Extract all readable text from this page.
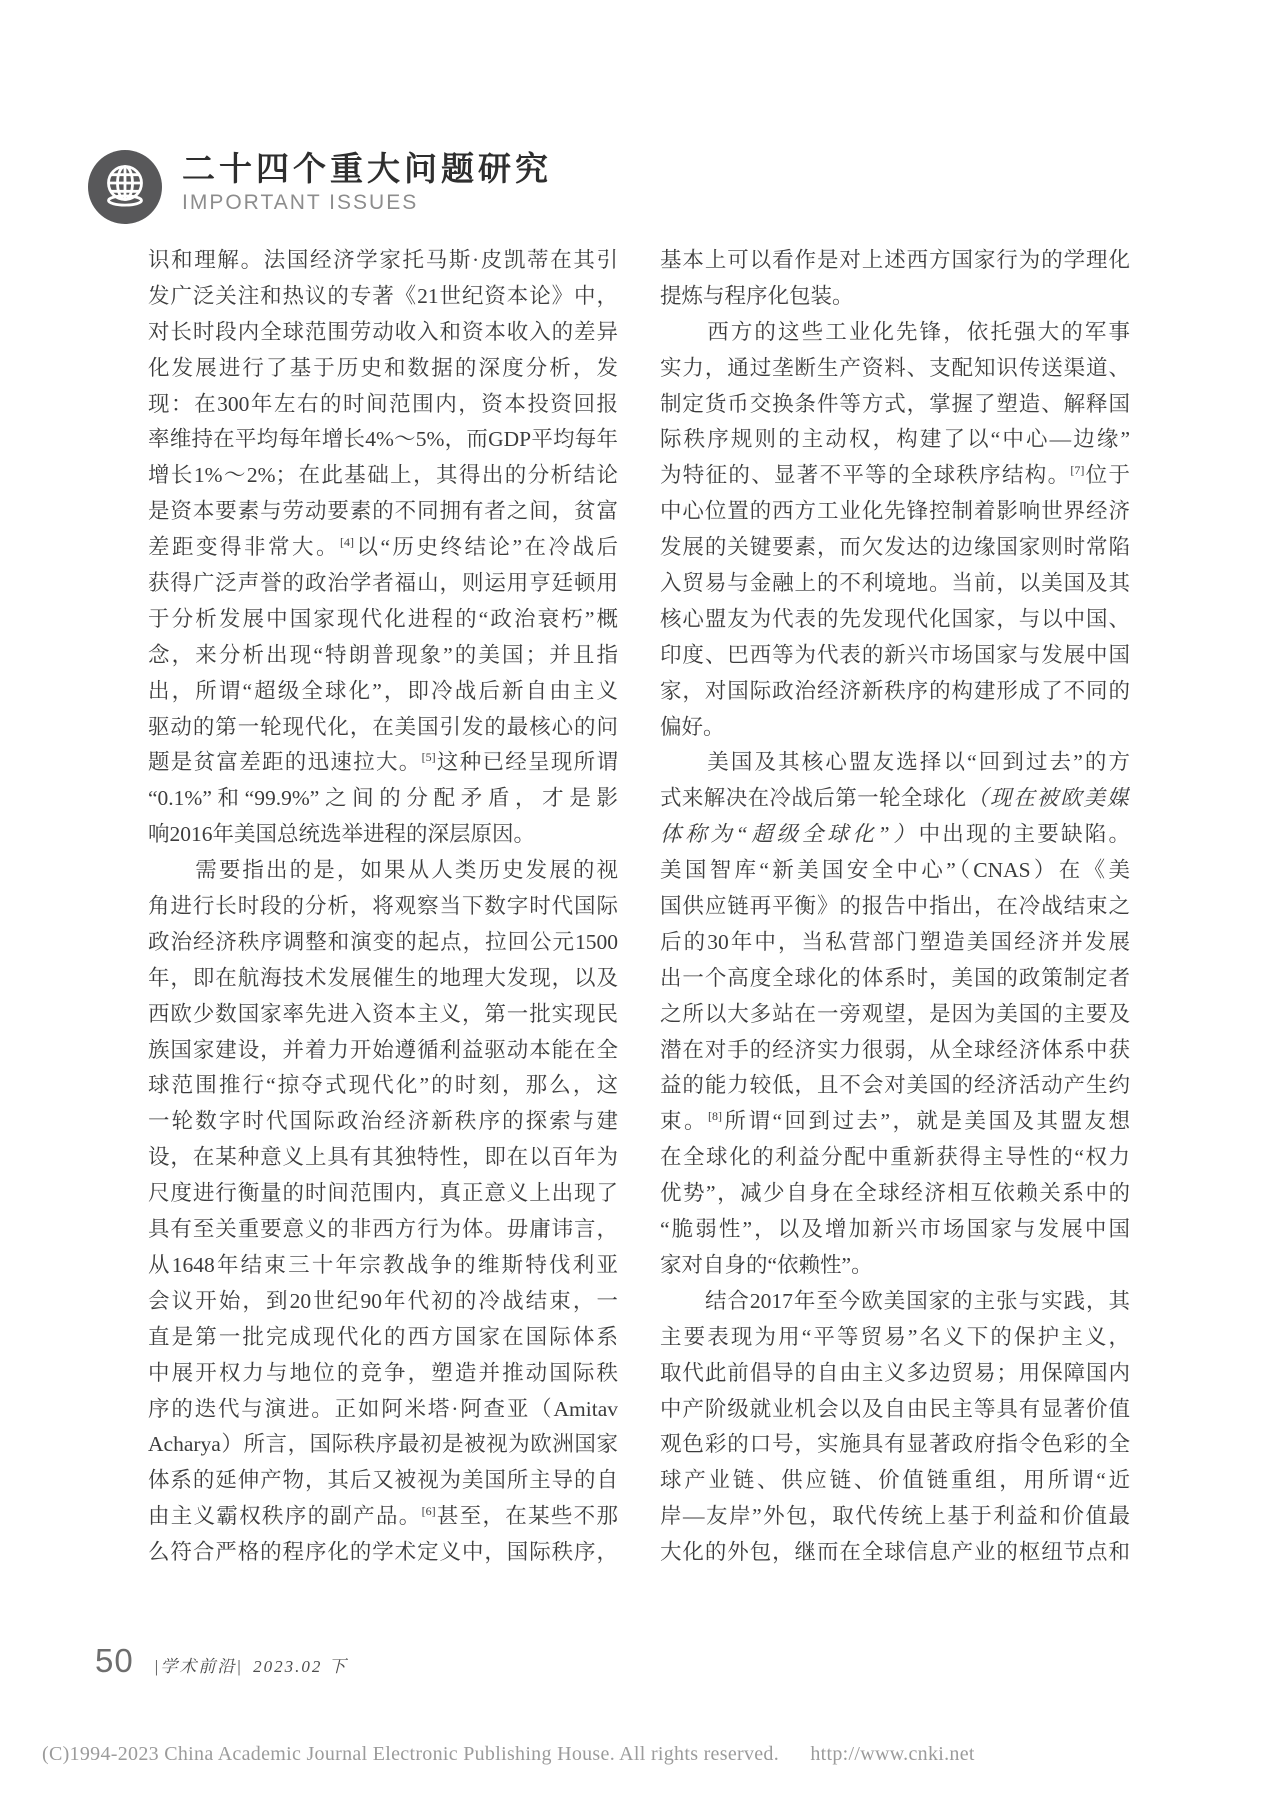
二十四个重大问题研究
IMPORTANT ISSUES
识和理解。法国经济学家托马斯·皮凯蒂在其引
发广泛关注和热议的专著《21世纪资本论》中，
对长时段内全球范围劳动收入和资本收入的差异
化发展进行了基于历史和数据的深度分析，发
现：在300年左右的时间范围内，资本投资回报
率维持在平均每年增长4%～5%，而GDP平均每年
增长1%～2%；在此基础上，其得出的分析结论
是资本要素与劳动要素的不同拥有者之间，贫富
差距变得非常大。[4]以“历史终结论”在冷战后
获得广泛声誉的政治学者福山，则运用亨廷顿用
于分析发展中国家现代化进程的“政治衰朽”概
念，来分析出现“特朗普现象”的美国；并且指
出，所谓“超级全球化”，即冷战后新自由主义
驱动的第一轮现代化，在美国引发的最核心的问
题是贫富差距的迅速拉大。[5]这种已经呈现所谓
“0.1%”和“99.9%”之间的分配矛盾，才是影
响2016年美国总统选举进程的深层原因。
　　需要指出的是，如果从人类历史发展的视
角进行长时段的分析，将观察当下数字时代国际
政治经济秩序调整和演变的起点，拉回公元1500
年，即在航海技术发展催生的地理大发现，以及
西欧少数国家率先进入资本主义，第一批实现民
族国家建设，并着力开始遵循利益驱动本能在全
球范围推行“掠夺式现代化”的时刻，那么，这
一轮数字时代国际政治经济新秩序的探索与建
设，在某种意义上具有其独特性，即在以百年为
尺度进行衡量的时间范围内，真正意义上出现了
具有至关重要意义的非西方行为体。毋庸讳言，
从1648年结束三十年宗教战争的维斯特伐利亚
会议开始，到20世纪90年代初的冷战结束，一
直是第一批完成现代化的西方国家在国际体系
中展开权力与地位的竞争，塑造并推动国际秩
序的迭代与演进。正如阿米塔·阿查亚（Amitav
Acharya）所言，国际秩序最初是被视为欧洲国家
体系的延伸产物，其后又被视为美国所主导的自
由主义霸权秩序的副产品。[6]甚至，在某些不那
么符合严格的程序化的学术定义中，国际秩序，
基本上可以看作是对上述西方国家行为的学理化
提炼与程序化包装。
　　西方的这些工业化先锋，依托强大的军事
实力，通过垄断生产资料、支配知识传送渠道、
制定货币交换条件等方式，掌握了塑造、解释国
际秩序规则的主动权，构建了以“中心—边缘”
为特征的、显著不平等的全球秩序结构。[7]位于
中心位置的西方工业化先锋控制着影响世界经济
发展的关键要素，而欠发达的边缘国家则时常陷
入贸易与金融上的不利境地。当前，以美国及其
核心盟友为代表的先发现代化国家，与以中国、
印度、巴西等为代表的新兴市场国家与发展中国
家，对国际政治经济新秩序的构建形成了不同的
偏好。
　　美国及其核心盟友选择以“回到过去”的方
式来解决在冷战后第一轮全球化（现在被欧美媒
体称为“超级全球化”）中出现的主要缺陷。
美国智库“新美国安全中心”（CNAS）在《美
国供应链再平衡》的报告中指出，在冷战结束之
后的30年中，当私营部门塑造美国经济并发展
出一个高度全球化的体系时，美国的政策制定者
之所以大多站在一旁观望，是因为美国的主要及
潜在对手的经济实力很弱，从全球经济体系中获
益的能力较低，且不会对美国的经济活动产生约
束。[8]所谓“回到过去”，就是美国及其盟友想
在全球化的利益分配中重新获得主导性的“权力
优势”，减少自身在全球经济相互依赖关系中的
“脆弱性”，以及增加新兴市场国家与发展中国
家对自身的“依赖性”。
　　结合2017年至今欧美国家的主张与实践，其
主要表现为用“平等贸易”名义下的保护主义，
取代此前倡导的自由主义多边贸易；用保障国内
中产阶级就业机会以及自由民主等具有显著价值
观色彩的口号，实施具有显著政府指令色彩的全
球产业链、供应链、价值链重组，用所谓“近
岸—友岸”外包，取代传统上基于利益和价值最
大化的外包，继而在全球信息产业的枢纽节点和
50 |学术前沿| 2023.02 下
(C)1994-2023 China Academic Journal Electronic Publishing House. All rights reserved. http://www.cnki.net
